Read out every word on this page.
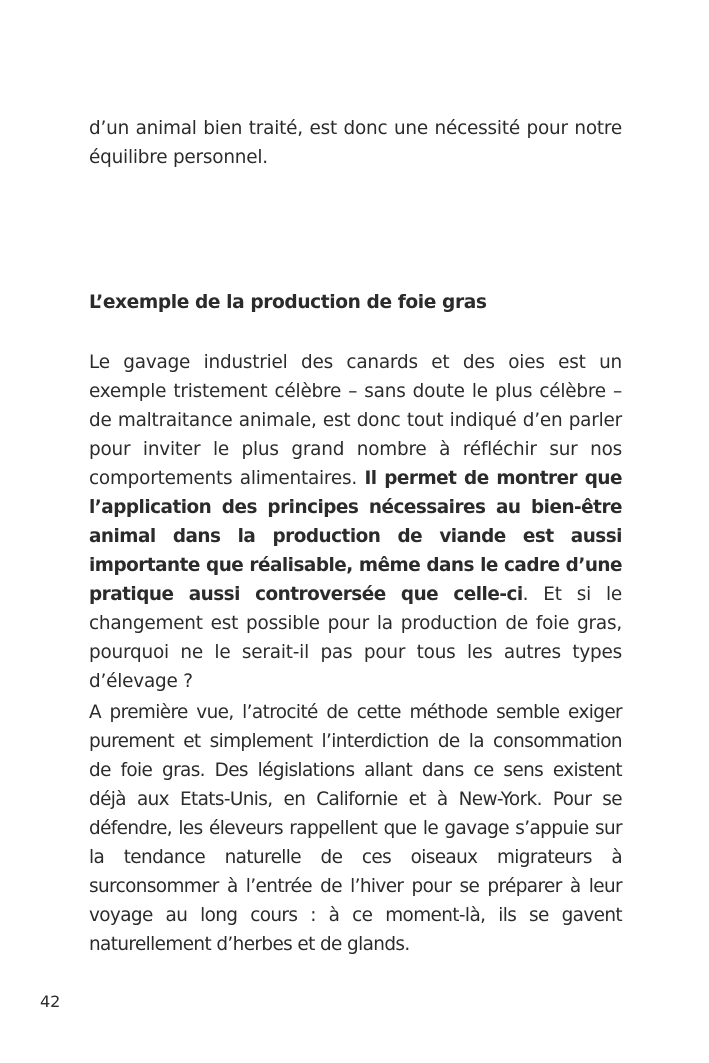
d’un animal bien traité, est donc une nécessité pour notre équilibre personnel.

L’exemple de la production de foie gras

Le gavage industriel des canards et des oies est un exemple tristement célèbre – sans doute le plus célèbre – de maltraitance animale, est donc tout indiqué d’en parler pour inviter le plus grand nombre à réfléchir sur nos comportements alimentaires. Il permet de montrer que l’application des principes nécessaires au bien-être animal dans la production de viande est aussi importante que réalisable, même dans le cadre d’une pratique aussi controversée que celle-ci. Et si le changement est possible pour la production de foie gras, pourquoi ne le serait-il pas pour tous les autres types d’élevage ?

A première vue, l’atrocité de cette méthode semble exiger purement et simplement l’interdiction de la consommation de foie gras. Des législations allant dans ce sens existent déjà aux Etats-Unis, en Californie et à New-York. Pour se défendre, les éleveurs rappellent que le gavage s’appuie sur la tendance naturelle de ces oiseaux migrateurs à surconsommer à l’entrée de l’hiver pour se préparer à leur voyage au long cours : à ce moment-là, ils se gavent naturellement d’herbes et de glands.

42
